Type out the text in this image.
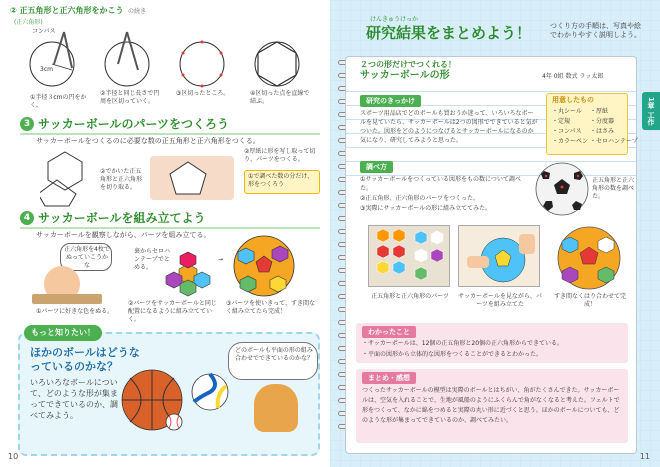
② 正五角形と正六角形をかこう の続き
(正六角形)
コンパス
3cm
①半径３cmの円をかく。
②半径と同じ長さで円周を区切っていく。
③区切ったところ。	④区切った点を直線で結ぶ。
3 サッカーボールのパーツをつくろう
サッカーボールをつくるのに必要な数の正五角形と正六角形をつくる。
②でかいた正五角形と正六角形を切り取る。
②厚紙に形を写し取って切り、パーツをつくる。
①で調べた数の分だけ、形をつくろう
4 サッカーボールを組み立てよう
サッカーボールを観察しながら、パーツを組み立てる。
正六角形を4枚でぬっていこうかな
裏からセロハンテープでとめる。
→
①パーツに好きな色をぬる。
②パーツをサッカーボールと同じ配置になるように組み立てていく。
③パーツを使いきって、すき間なく組み立てたら完成！
もっと知りたい！
ほかのボールはどうなっているのかな？
いろいろなボールについて、どのような形が集まってできているのか、調べてみよう。
どのボールも平面の形の組み合わせでできているのかな？
10
けんきゅうけっか
研究結果をまとめよう！	つくり方の手順は、写真や絵でわかりやすく説明しよう。
1章 工作
11
２つの形だけでつくれる！
サッカーボールの形	4年 0組 数式 ラッ太郎
研究のきっかけ
スポーツ用品店でどのボールも買おうか迷って、いろいろなボールを見ていたら、サッカーボールは2つの図形でできていると気がついた。図形をどのようにつなげるとサッカーボールになるのか気になり、研究してみようと思った。
用意したもの
・丸シール ・厚紙
・定規	・分度器
・コンパス ・はさみ
・カラーペン ・セロハンテープ
調べ方
①サッカーボールをつくっている図形をもの数について調べた。
②正五角形、正六角形のパーツをつくった。
③実際にサッカーボールの形に組み立ててみた。
正五角形と正六角形の数を調べた。
正五角形と正六角形のパーツ サッカーボールを見ながら、パーツを組み立てた
すき間なくはり合わせて完成！
わかったこと
・サッカーボールは、12個の正五角形と20個の正六角形からできている。
・平面の図形から立体的な図形をつくることができるとわかった。
まとめ・感想
つくったサッカーボールの模型は実際のボールとはちがい、角がたくさんできた。サッカーボールは、空気を入れることで、生地が風船のようにふくらんで角がなくなると考えた。フェルトで形をつくって、なかに綿をつめると実際の丸い形に近づくと思う。ほかのボールについても、どのような形が集まってできているのか、調べてみたい。
